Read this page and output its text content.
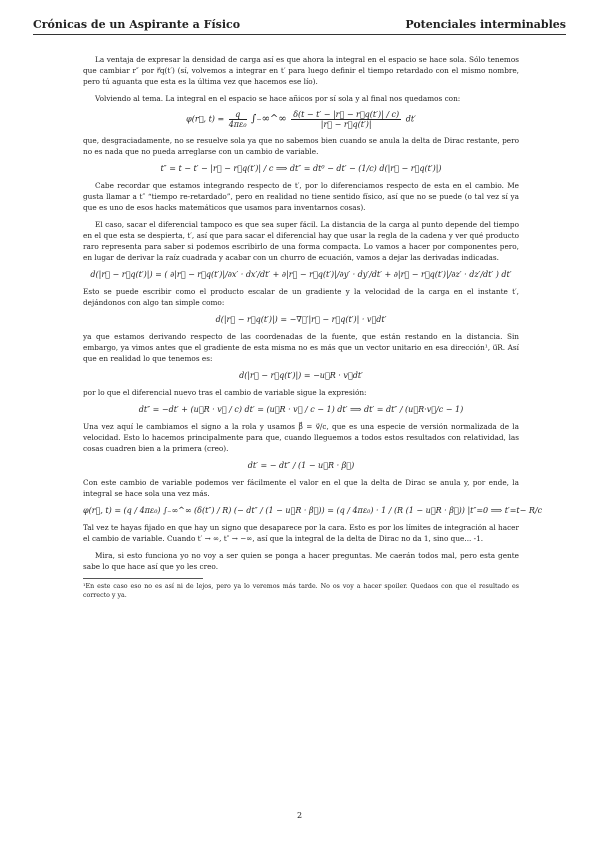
Crónicas de un Aspirante a Físico	Potenciales interminables

La ventaja de expresar la densidad de carga así es que ahora la integral en el espacio se hace sola. Sólo tenemos que cambiar r″ por r⃗q(t′) (sí, volvemos a integrar en t′ para luego definir el tiempo retardado con el mismo nombre, pero tú aguanta que esta es la última vez que hacemos ese lío).

Volviendo al tema. La integral en el espacio se hace añicos por sí sola y al final nos quedamos con:

φ(r⃗, $t) = \frac{q}{\text{4πε₀}}$ ∫₋∞^∞ $\frac{\delta(t - t' - |r⃗ - r⃗q(t')| / c)}{|r⃗ - r⃗q(t')|} dt'$

que, desgraciadamente, no se resuelve sola ya que no sabemos bien cuando se anula la delta de Dirac restante, pero no es nada que no pueda arreglarse con un cambio de variable.

t″ = t − t′ − |r⃗ − r⃗q(t′)| / c ⟹ dt″ = dt⁰ − dt′ − (1/c) d(|r⃗ − r⃗q(t′)|)

Cabe recordar que estamos integrando respecto de t′, por lo diferenciamos respecto de esta en el cambio. Me gusta llamar a t″ “tiempo re-retardado”, pero en realidad no tiene sentido físico, así que no se puede (o tal vez sí ya que es uno de esos hacks matemáticos que usamos para inventarnos cosas).

El caso, sacar el diferencial tampoco es que sea super fácil. La distancia de la carga al punto depende del tiempo en el que esta se despierta, t′, así que para sacar el diferencial hay que usar la regla de la cadena y ver qué producto raro representa para saber si podemos escribirlo de una forma compacta. Lo vamos a hacer por componentes pero, en lugar de derivar la raíz cuadrada y acabar con un churro de ecuación, vamos a dejar las derivadas indicadas.

d(|r⃗ − r⃗q(t′)|) = ( ∂|r⃗ − r⃗q(t′)|/∂x′ · dx′/dt′ + ∂|r⃗ − r⃗q(t′)|/∂y′ · dy′/dt′ + ∂|r⃗ − r⃗q(t′)|/∂z′ · dz′/dt′ ) dt′

Esto se puede escribir como el producto escalar de un gradiente y la velocidad de la carga en el instante t′, dejándonos con algo tan simple como:

d(|r⃗ − r⃗q(t′)|) = −∇⃗′|r⃗ − r⃗q(t′)| · v⃗dt′

ya que estamos derivando respecto de las coordenadas de la fuente, que están restando en la distancia. Sin embargo, ya vimos antes que el gradiente de esta misma no es más que un vector unitario en esa dirección¹, u⃗R. Así que en realidad lo que tenemos es:

d(|r⃗ − r⃗q(t′)|) = −u⃗R · v⃗dt′

por lo que el diferencial nuevo tras el cambio de variable sigue la expresión:

dt″ = −dt′ + (u⃗R · v⃗ / c) dt′ = (u⃗R · v⃗ / c − 1) dt′ ⟹ dt′ = dt″ / (u⃗R·v⃗/c − 1)

Una vez aquí le cambiamos el signo a la rola y usamos β⃗ = v⃗/c, que es una especie de versión normalizada de la velocidad. Esto lo hacemos principalmente para que, cuando lleguemos a todos estos resultados con relatividad, las cosas cuadren bien a la primera (creo).

dt′ = − dt″ / (1 − u⃗R · β⃗)

Con este cambio de variable podemos ver fácilmente el valor en el que la delta de Dirac se anula y, por ende, la integral se hace sola una vez más.

φ(r⃗, t) = (q / 4πε₀) ∫₋∞^∞ (δ(t″) / R) (− dt″ / (1 − u⃗R · β⃗)) = (q / 4πε₀) · 1 / (R (1 − u⃗R · β⃗)) |t″=0 ⟹ t′=t− R/c

Tal vez te hayas fijado en que hay un signo que desaparece por la cara. Esto es por los límites de integración al hacer el cambio de variable. Cuando t′ → ∞, t″ → −∞, así que la integral de la delta de Dirac no da 1, sino que... -1.

Mira, si esto funciona yo no voy a ser quien se ponga a hacer preguntas. Me caerán todos mal, pero esta gente sabe lo que hace así que yo les creo.

¹En este caso eso no es así ni de lejos, pero ya lo veremos más tarde. No os voy a hacer spoiler. Quedaos con que el resultado es correcto y ya.
2
